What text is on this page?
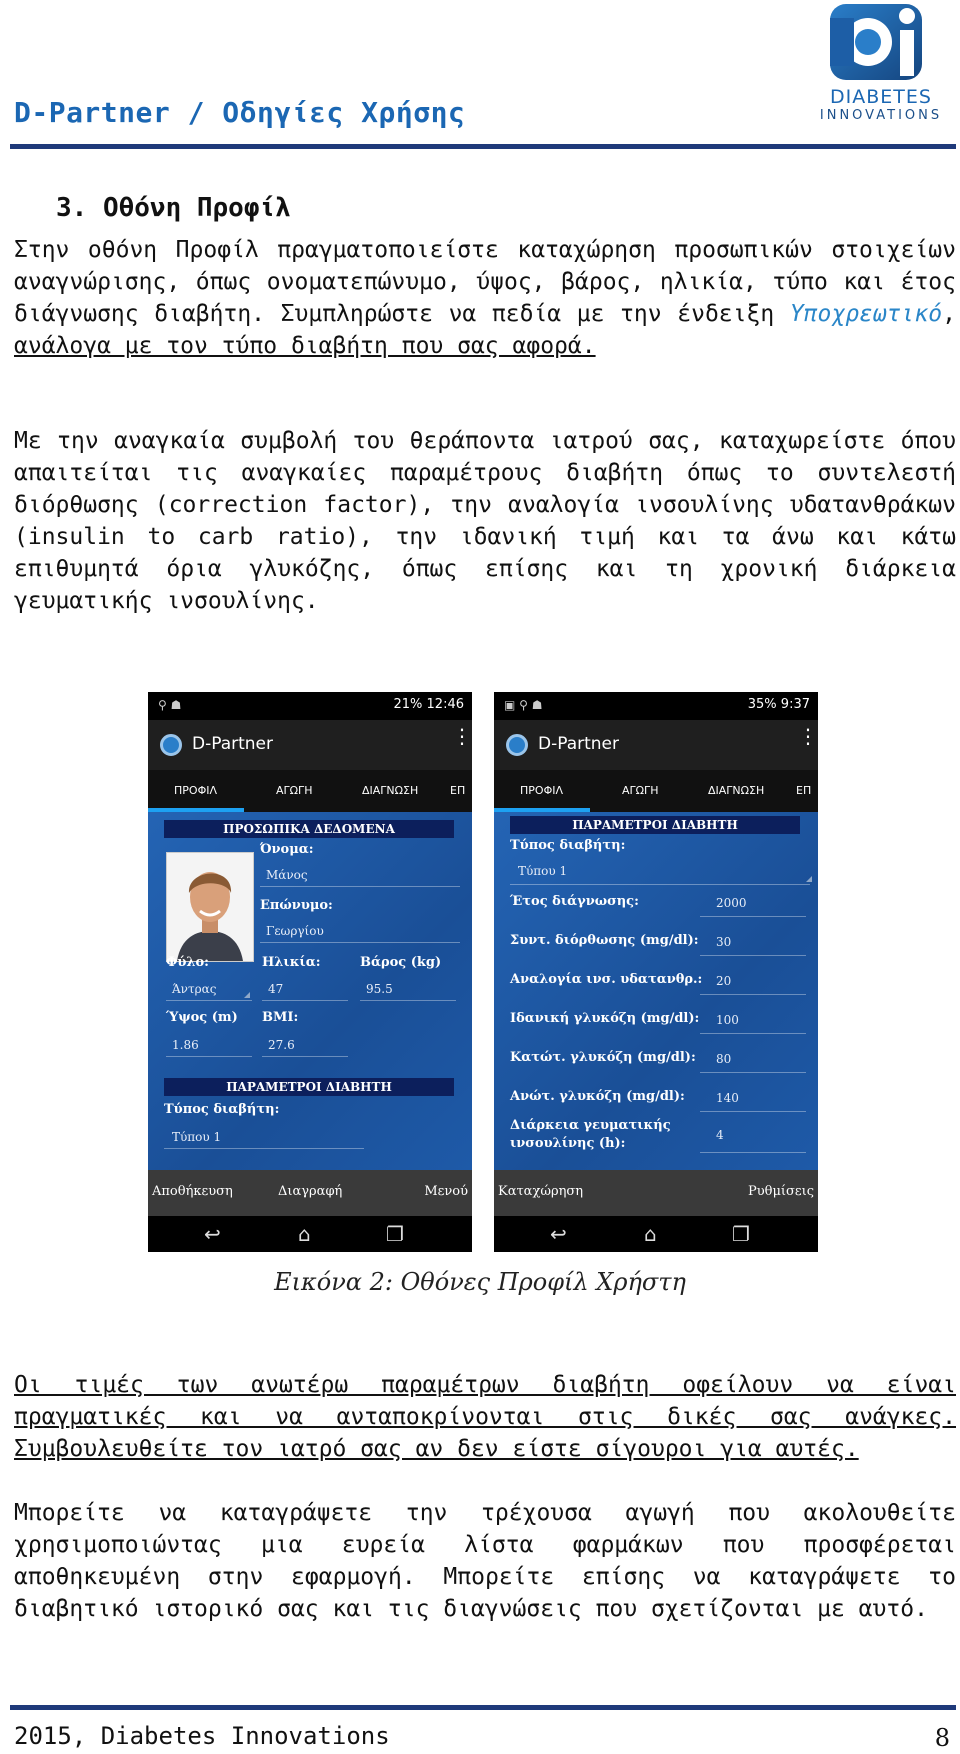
D-Partner / Οδηγίες Χρήσης	DIABETES
INNOVATIONS
3. Οθόνη Προφίλ
Στην οθόνη Προφίλ πραγματοποιείστε καταχώρηση προσωπικών στοιχείων αναγνώρισης, όπως ονοματεπώνυμο, ύψος, βάρος, ηλικία, τύπο και έτος διάγνωσης διαβήτη. Συμπληρώστε να πεδία με την ένδειξη Υποχρεωτικό, ανάλογα με τον τύπο διαβήτη που σας αφορά.
Με την αναγκαία συμβολή του θεράποντα ιατρού σας, καταχωρείστε όπου απαιτείται τις αναγκαίες παραμέτρους διαβήτη όπως το συντελεστή διόρθωσης (correction factor), την αναλογία ινσουλίνης υδατανθράκων (insulin to carb ratio), την ιδανική τιμή και τα άνω και κάτω επιθυμητά όρια γλυκόζης, όπως επίσης και τη χρονική διάρκεια γευματικής ινσουλίνης.
⚲ ☗	21% 12:46
D-Partner	⋮
ΠΡΟΦΙΛ	ΑΓΩΓΗ	ΔΙΑΓΝΩΣΗ	ΕΠ
ΠΡΟΣΩΠΙΚΑ ΔΕΔΟΜΕΝΑ
Όνομα:
Μάνος
Επώνυμο:
Γεωργίου
Φύλο:
Άντρας
Ηλικία:
47
Βάρος (kg)
95.5
Ύψος (m)
1.86
BMI:
27.6
ΠΑΡΑΜΕΤΡΟΙ ΔΙΑΒΗΤΗ
Τύπος διαβήτη:
Τύπου 1
Αποθήκευση	Διαγραφή	Μενού
↩	⌂	❐
▣ ⚲ ☗	35% 9:37
D-Partner	⋮
ΠΡΟΦΙΛ	ΑΓΩΓΗ	ΔΙΑΓΝΩΣΗ	ΕΠ
ΠΑΡΑΜΕΤΡΟΙ ΔΙΑΒΗΤΗ
Τύπος διαβήτη:
Τύπου 1
Έτος διάγνωσης:	2000
Συντ. διόρθωσης (mg/dl): 30
Αναλογία ινσ. υδατανθρ.: 20
Ιδανική γλυκόζη (mg/dl): 100
Κατώτ. γλυκόζη (mg/dl): 80
Ανώτ. γλυκόζη (mg/dl):	140
Διάρκεια γευματικής
ινσουλίνης (h):
4
Καταχώρηση	Ρυθμίσεις
↩	⌂	❐
Εικόνα 2: Οθόνες Προφίλ Χρήστη
Οι τιμές των ανωτέρω παραμέτρων διαβήτη οφείλουν να είναι πραγματικές και να ανταποκρίνονται στις δικές σας ανάγκες. Συμβουλευθείτε τον ιατρό σας αν δεν είστε σίγουροι για αυτές.
Μπορείτε να καταγράψετε την τρέχουσα αγωγή που ακολουθείτε χρησιμοποιώντας μια ευρεία λίστα φαρμάκων που προσφέρεται αποθηκευμένη στην εφαρμογή. Μπορείτε επίσης να καταγράψετε το διαβητικό ιστορικό σας και τις διαγνώσεις που σχετίζονται με αυτό.
2015, Diabetes Innovations	8
